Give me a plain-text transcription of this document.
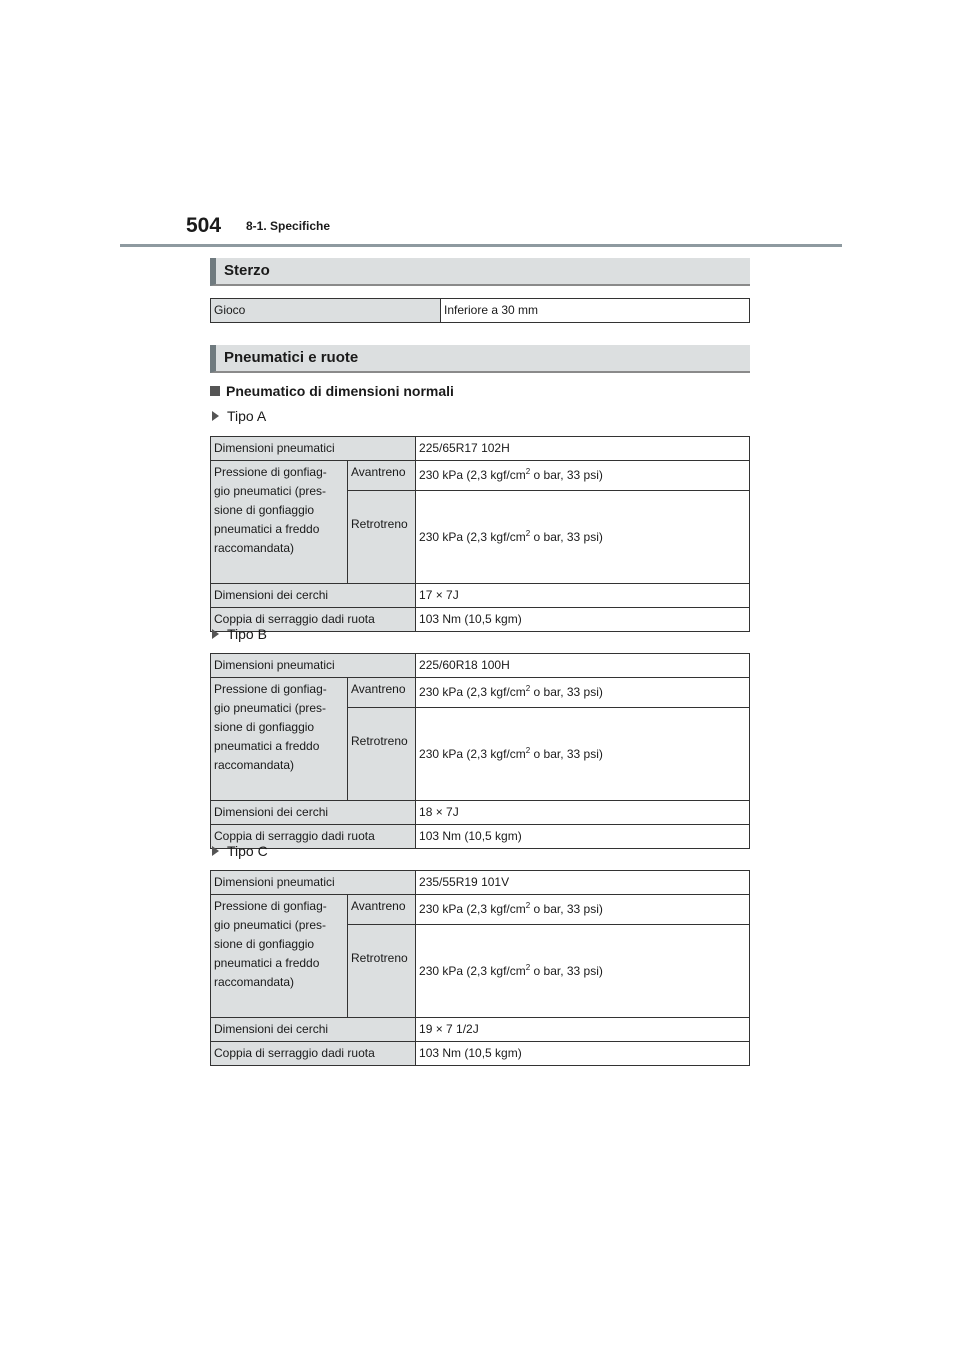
504 8-1. Specifiche
Sterzo
Gioco	Inferiore a 30 mm
Pneumatici e ruote
Pneumatico di dimensioni normali
Tipo A
Dimensioni pneumatici		225/65R17 102H

Pressione di gonfiag-
gio pneumatici (pres-
sione di gonfiaggio
pneumatici a freddo
raccomandata)	Avantreno	230 kPa (2,3 kgf/$cm^2$ o bar, 33 psi)
	Retrotreno	230 kPa (2,3 kgf/$cm^2$ o bar, 33 psi)
Dimensioni dei cerchi		17 × 7J
Coppia di serraggio dadi ruota		103 Nm (10,5 kgm)
Tipo B
Dimensioni pneumatici		225/60R18 100H

Pressione di gonfiag-
gio pneumatici (pres-
sione di gonfiaggio
pneumatici a freddo
raccomandata)	Avantreno	230 kPa (2,3 kgf/$cm^2$ o bar, 33 psi)
	Retrotreno	230 kPa (2,3 kgf/$cm^2$ o bar, 33 psi)
Dimensioni dei cerchi		18 × 7J
Coppia di serraggio dadi ruota		103 Nm (10,5 kgm)
Tipo C
Dimensioni pneumatici		235/55R19 101V

Pressione di gonfiag-
gio pneumatici (pres-
sione di gonfiaggio
pneumatici a freddo
raccomandata)	Avantreno	230 kPa (2,3 kgf/$cm^2$ o bar, 33 psi)
	Retrotreno	230 kPa (2,3 kgf/$cm^2$ o bar, 33 psi)
Dimensioni dei cerchi		19 × 7 1/2J
Coppia di serraggio dadi ruota		103 Nm (10,5 kgm)
